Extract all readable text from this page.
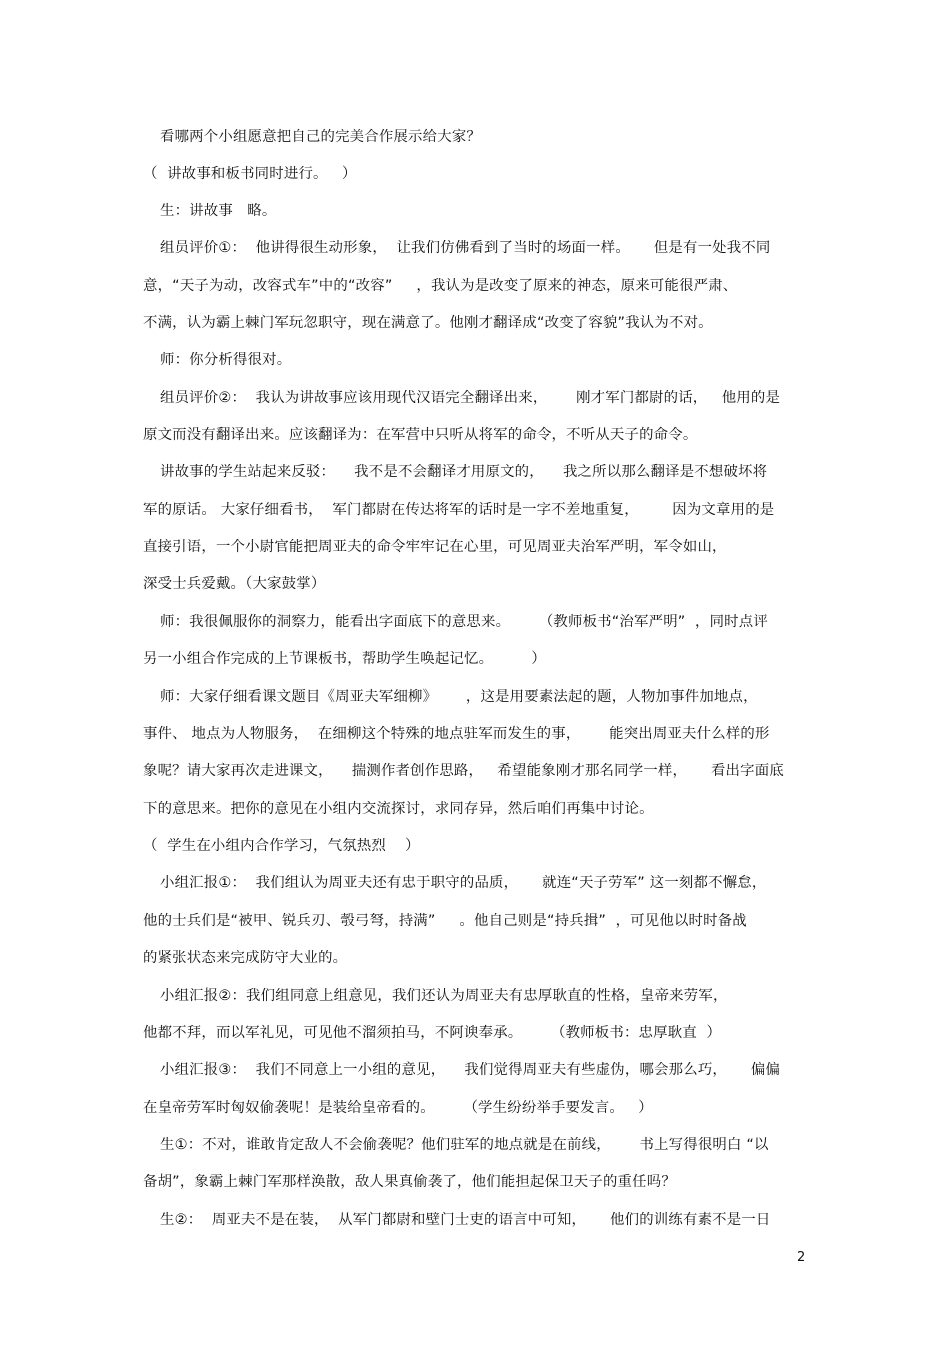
看哪两个小组愿意把自己的完美合作展示给大家？
（  讲故事和板书同时进行。   ）
生：讲故事   略。
组员评价①：  他讲得很生动形象，  让我们仿佛看到了当时的场面一样。     但是有一处我不同
意，“天子为动，改容式车”中的“改容”     ，我认为是改变了原来的神态，原来可能很严肃、
不满，认为霸上棘门军玩忽职守，现在满意了。他刚才翻译成“改变了容貌”我认为不对。
师：你分析得很对。
组员评价②：  我认为讲故事应该用现代汉语完全翻译出来，      刚才军门都尉的话，   他用的是
原文而没有翻译出来。应该翻译为：在军营中只听从将军的命令，不听从天子的命令。
讲故事的学生站起来反驳：    我不是不会翻译才用原文的，    我之所以那么翻译是不想破坏将
军的原话。 大家仔细看书，  军门都尉在传达将军的话时是一字不差地重复，       因为文章用的是
直接引语，一个小尉官能把周亚夫的命令牢牢记在心里，可见周亚夫治军严明，军令如山，
深受士兵爱戴。（大家鼓掌）
师：我很佩服你的洞察力，能看出字面底下的意思来。      （教师板书“治军严明”  ，同时点评
另一小组合作完成的上节课板书，帮助学生唤起记忆。        ）
师：大家仔细看课文题目《周亚夫军细柳》      ，这是用要素法起的题，人物加事件加地点，
事件、 地点为人物服务，  在细柳这个特殊的地点驻军而发生的事，      能突出周亚夫什么样的形
象呢？请大家再次走进课文，    揣测作者创作思路，   希望能象刚才那名同学一样，     看出字面底
下的意思来。把你的意见在小组内交流探讨，求同存异，然后咱们再集中讨论。
（  学生在小组内合作学习，气氛热烈    ）
小组汇报①：  我们组认为周亚夫还有忠于职守的品质，     就连“天子劳军” 这一刻都不懈怠，
他的士兵们是“被甲、锐兵刃、彀弓弩，持满”     。他自己则是“持兵揖”  ，可见他以时时备战
的紧张状态来完成防守大业的。
小组汇报②：我们组同意上组意见，我们还认为周亚夫有忠厚耿直的性格，皇帝来劳军，
他都不拜，而以军礼见，可见他不溜须拍马，不阿谀奉承。      （教师板书：忠厚耿直  ）
小组汇报③：  我们不同意上一小组的意见，    我们觉得周亚夫有些虚伪，哪会那么巧，     偏偏
在皇帝劳军时匈奴偷袭呢！是装给皇帝看的。      （学生纷纷举手要发言。   ）
生①：不对，谁敢肯定敌人不会偷袭呢？他们驻军的地点就是在前线，      书上写得很明白 “以
备胡”，象霸上棘门军那样涣散，敌人果真偷袭了，他们能担起保卫天子的重任吗？
生②：  周亚夫不是在装，  从军门都尉和壁门士吏的语言中可知，     他们的训练有素不是一日
2
